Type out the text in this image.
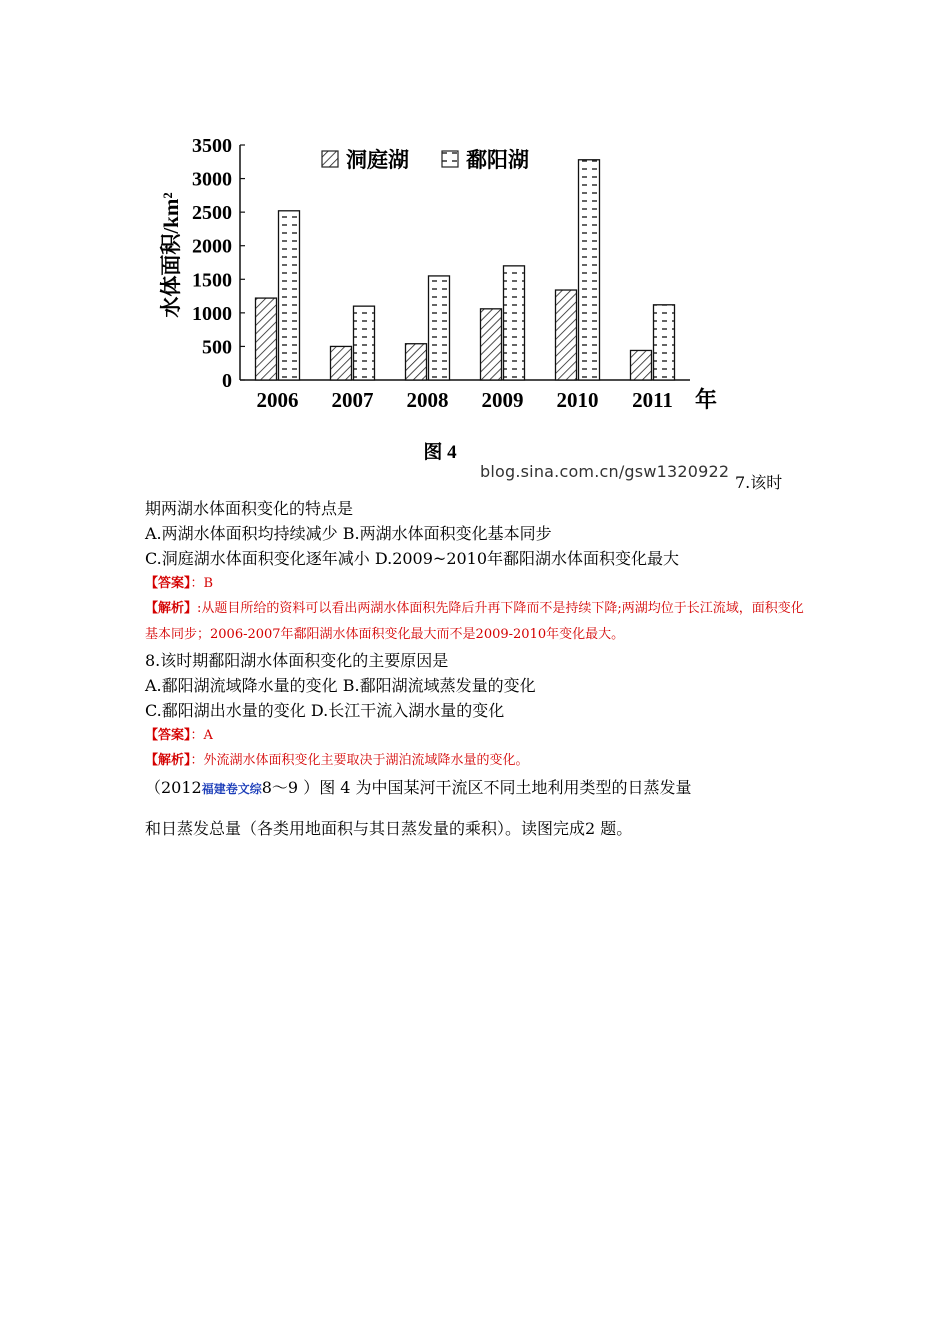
0
500
1000
1500
2000
2500
3000
3500
2006 2007 2008 2009 2010 2011
水体面积/km²
洞庭湖	鄱阳湖
年
图 4
blog.sina.com.cn/gsw1320922
7.该时
期两湖水体面积变化的特点是
A.两湖水体面积均持续减少 B.两湖水体面积变化基本同步
C.洞庭湖水体面积变化逐年减小 D.2009~2010年鄱阳湖水体面积变化最大
【答案】：B
【解析】:从题目所给的资料可以看出两湖水体面积先降后升再下降而不是持续下降;两湖均位于长江流域，面积变化基本同步；2006-2007年鄱阳湖水体面积变化最大而不是2009-2010年变化最大。
8.该时期鄱阳湖水体面积变化的主要原因是
A.鄱阳湖流域降水量的变化 B.鄱阳湖流域蒸发量的变化
C.鄱阳湖出水量的变化 D.长江干流入湖水量的变化
【答案】：A
【解析】：外流湖水体面积变化主要取决于湖泊流域降水量的变化。
（2012福建卷文综8～9 ）图 4 为中国某河干流区不同土地利用类型的日蒸发量
和日蒸发总量（各类用地面积与其日蒸发量的乘积）。读图完成2 题。
